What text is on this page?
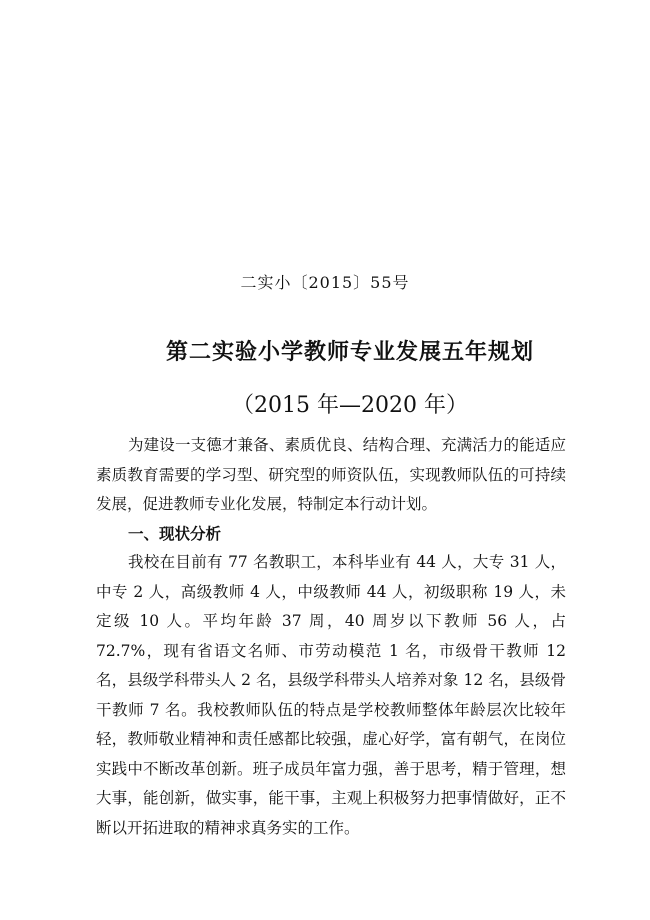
二实小〔2015〕55号
第二实验小学教师专业发展五年规划
（2015 年—2020 年）

为建设一支德才兼备、素质优良、结构合理、充满活力的能适应素质教育需要的学习型、研究型的师资队伍，实现教师队伍的可持续发展，促进教师专业化发展，特制定本行动计划。

一、现状分析

我校在目前有 77 名教职工，本科毕业有 44 人，大专 31 人，中专 2 人，高级教师 4 人，中级教师 44 人，初级职称 19 人，未定级 10 人。平均年龄 37 周，40 周岁以下教师 56 人，占 72.7%，现有省语文名师、市劳动模范 1 名，市级骨干教师 12 名，县级学科带头人 2 名，县级学科带头人培养对象 12 名，县级骨干教师 7 名。我校教师队伍的特点是学校教师整体年龄层次比较年轻，教师敬业精神和责任感都比较强，虚心好学，富有朝气，在岗位实践中不断改革创新。班子成员年富力强，善于思考，精于管理，想大事，能创新，做实事，能干事，主观上积极努力把事情做好，正不断以开拓进取的精神求真务实的工作。
